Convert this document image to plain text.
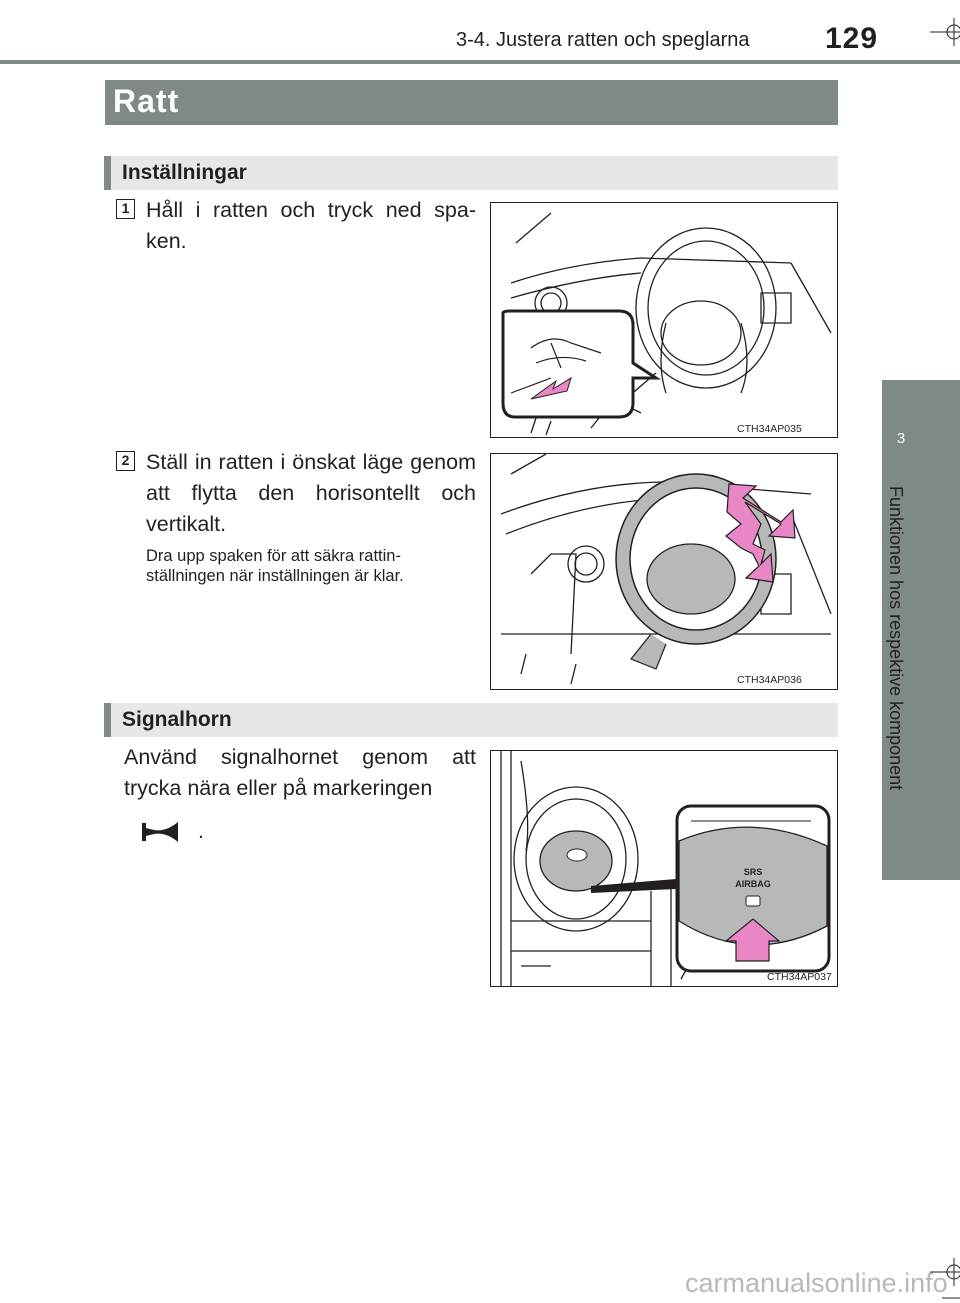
3-4. Justera ratten och speglarna	129
3
Funktionen hos respektive komponent
Ratt
Inställningar
1 Håll i ratten och tryck ned spa-ken.
CTH34AP035
2 Ställ in ratten i önskat läge genom att flytta den horisontellt och vertikalt.
Dra upp spaken för att säkra rattin-ställningen när inställningen är klar.
CTH34AP036
Signalhorn
Använd signalhornet genom att trycka nära eller på markeringen
.
SRS
AIRBAG
CTH34AP037
carmanualsonline.info
